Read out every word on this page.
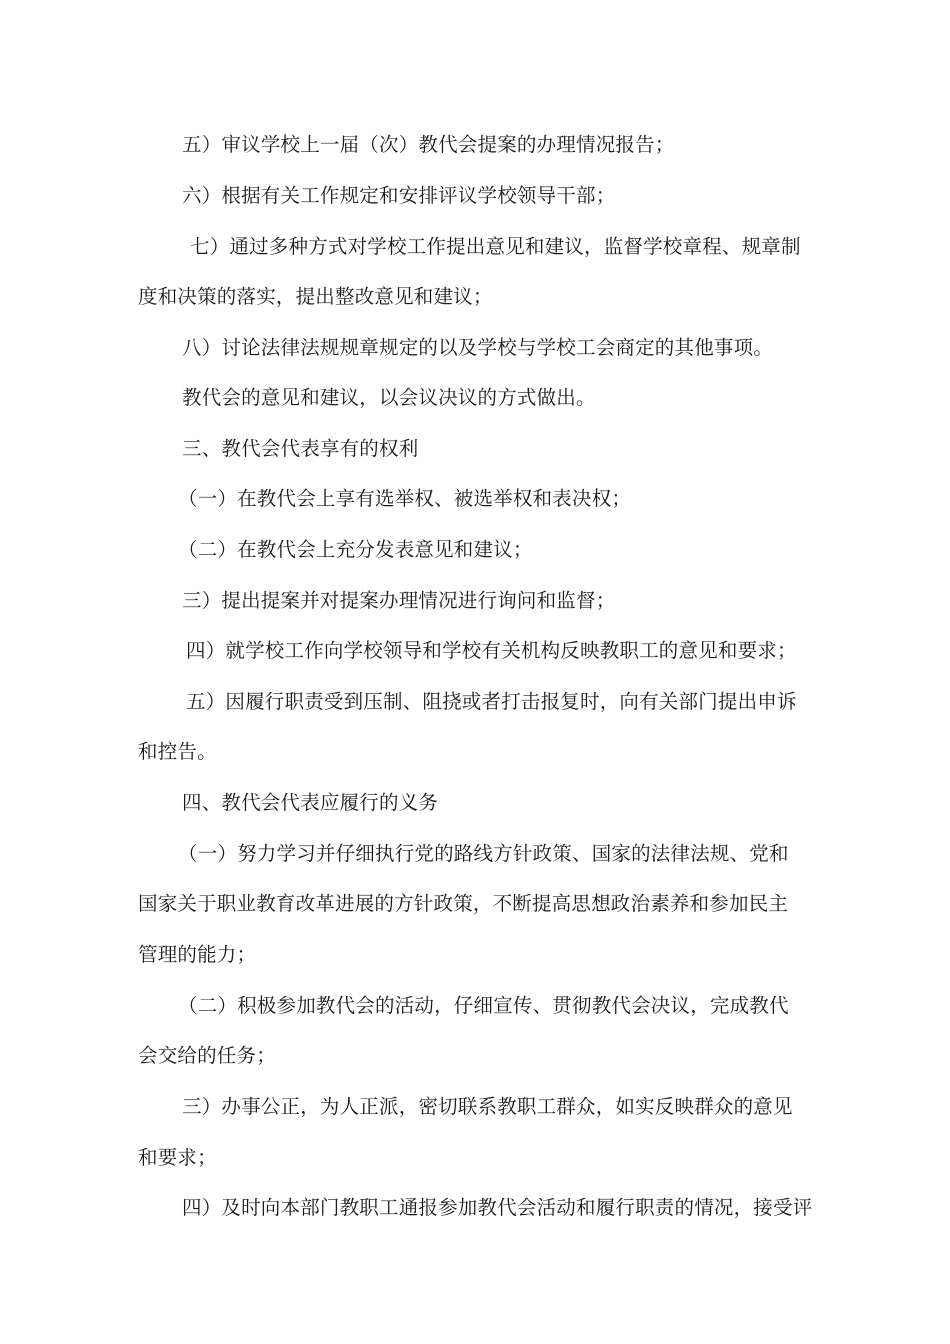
五）审议学校上一届（次）教代会提案的办理情况报告；
六）根据有关工作规定和安排评议学校领导干部；
七）通过多种方式对学校工作提出意见和建议，监督学校章程、规章制
度和决策的落实，提出整改意见和建议；
八）讨论法律法规规章规定的以及学校与学校工会商定的其他事项。
教代会的意见和建议，以会议决议的方式做出。
三、教代会代表享有的权利
（一）在教代会上享有选举权、被选举权和表决权；
（二）在教代会上充分发表意见和建议；
三）提出提案并对提案办理情况进行询问和监督；
四）就学校工作向学校领导和学校有关机构反映教职工的意见和要求；
五）因履行职责受到压制、阻挠或者打击报复时，向有关部门提出申诉
和控告。
四、教代会代表应履行的义务
（一）努力学习并仔细执行党的路线方针政策、国家的法律法规、党和
国家关于职业教育改革进展的方针政策，不断提高思想政治素养和参加民主
管理的能力；
（二）积极参加教代会的活动，仔细宣传、贯彻教代会决议，完成教代
会交给的任务；
三）办事公正，为人正派，密切联系教职工群众，如实反映群众的意见
和要求；
四）及时向本部门教职工通报参加教代会活动和履行职责的情况，接受评
